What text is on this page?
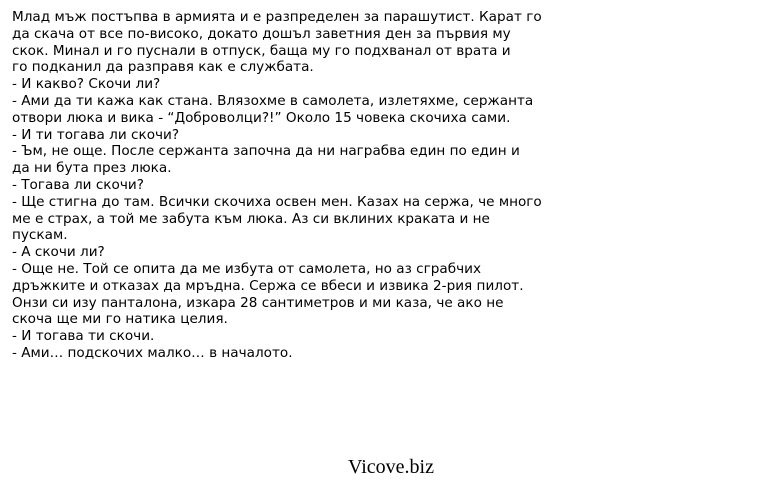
Млад мъж постъпва в армията и е разпределен за парашутист. Карат го
да скача от все по-високо, докато дошъл заветния ден за първия му
скок. Минал и го пуснали в отпуск, баща му го подхванал от врата и
го подканил да разправя как е службата.
- И какво? Скочи ли?
- Ами да ти кажа как стана. Влязохме в самолета, излетяхме, сержанта
отвори люка и вика - “Доброволци?!” Около 15 човека скочиха сами.
- И ти тогава ли скочи?
- Ъм, не още. После сержанта започна да ни награбва един по един и
да ни бута през люка.
- Тогава ли скочи?
- Ще стигна до там. Всички скочиха освен мен. Казах на сержа, че много
ме е страх, а той ме забута към люка. Аз си вклиних краката и не
пускам.
- А скочи ли?
- Още не. Той се опита да ме избута от самолета, но аз сграбчих
дръжките и отказах да мръдна. Сержа се вбеси и извика 2-рия пилот.
Онзи си изу панталона, изкара 28 сантиметров и ми каза, че ако не
скоча ще ми го натика целия.
- И тогава ти скочи.
- Ами… подскочих малко… в началото.
Vicove.biz
